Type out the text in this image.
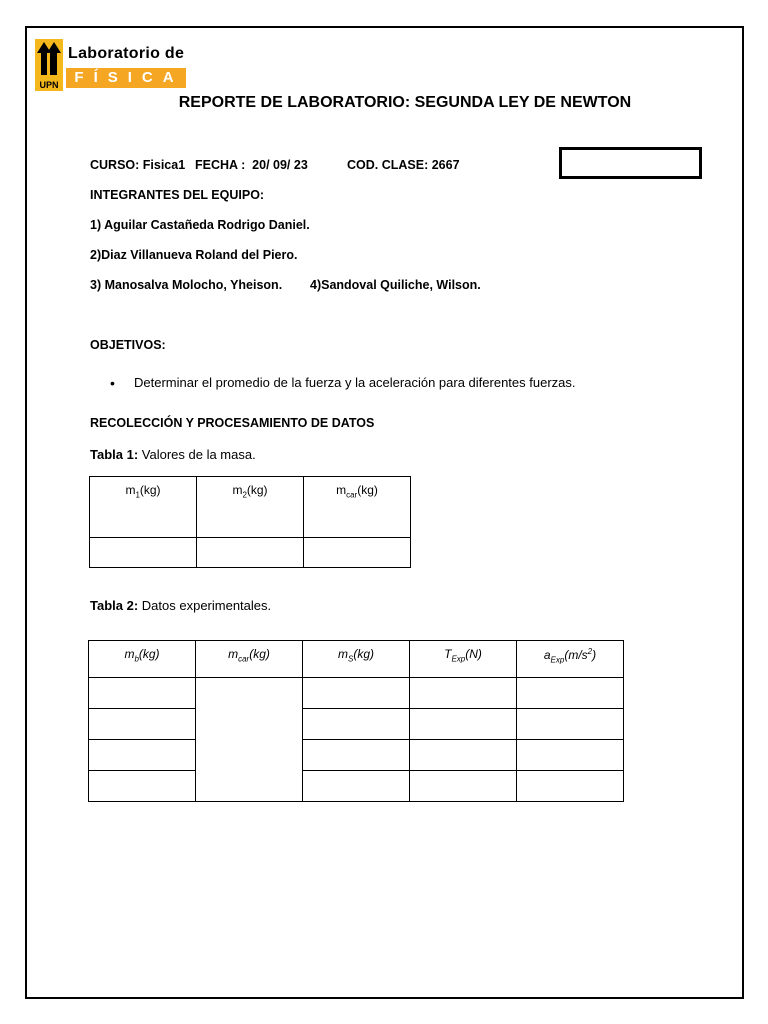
UPN
Laboratorio de
FÍSICA
REPORTE DE LABORATORIO: SEGUNDA LEY DE NEWTON
CURSO: Fisica1 FECHA :  20/ 09/ 23	COD. CLASE: 2667
INTEGRANTES DEL EQUIPO:
1) Aguilar Castañeda Rodrigo Daniel.
2)Diaz Villanueva Roland del Piero.
3) Manosalva Molocho, Yheison. 4)Sandoval Quiliche, Wilson.
OBJETIVOS:
• Determinar el promedio de la fuerza y la aceleración para diferentes fuerzas.
RECOLECCIÓN Y PROCESAMIENTO DE DATOS
Tabla 1: Valores de la masa.
$m_1(kg)$	$m_2(kg)$	$m_{car}(kg)$

Tabla 2: Datos experimentales.
$m_b(kg)$	$m_{car}(kg)$	$m_S(kg)$	$T_{Exp}(N)$	$a_{Exp}(m/s^2)$
